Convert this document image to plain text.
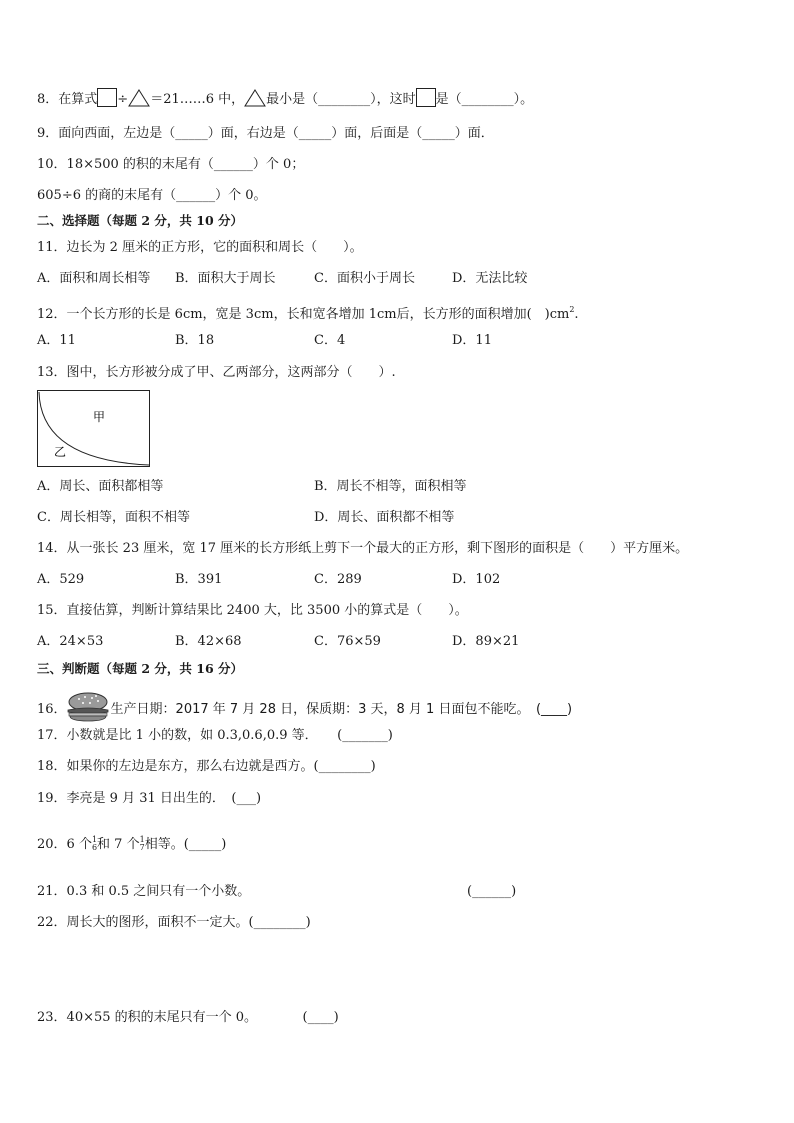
8．在算式 ÷ ＝21……6 中， 最小是（________），这时 是（________）。
9．面向西面，左边是（_____）面，右边是（_____）面，后面是（_____）面．
10．18×500 的积的末尾有（______）个 0；
605÷6 的商的末尾有（______）个 0。
二、选择题（每题 2 分，共 10 分）
11．边长为 2 厘米的正方形，它的面积和周长（　　）。
A．面积和周长相等 B．面积大于周长	C．面积小于周长	D．无法比较
12．一个长方形的长是 6cm，宽是 3cm，长和宽各增加 1cm后，长方形的面积增加(　)$cm^2$.
A．11	B．18	C．4	D．11
13．图中，长方形被分成了甲、乙两部分，这两部分（　　）.
甲
乙
A．周长、面积都相等	B．周长不相等，面积相等
C．周长相等，面积不相等	D．周长、面积都不相等
14．从一张长 23 厘米，宽 17 厘米的长方形纸上剪下一个最大的正方形，剩下图形的面积是（　　）平方厘米。
A．529	B．391	C．289	D．102
15．直接估算，判断计算结果比 2400 大，比 3500 小的算式是（　　）。
A．24×53	B．42×68	C．76×59	D．89×21
三、判断题（每题 2 分，共 16 分）
16．	生产日期：2017 年 7 月 28 日，保质期：3 天，8 月 1 日面包不能吃。　(____)
17．小数就是比 1 小的数，如 0.3,0.6,0.9 等．　　(_______)
18．如果你的左边是东方，那么右边就是西方。(________)
19．李亮是 9 月 31 日出生的．　(___)
20．6 个1
6和 7 个1
7相等。(_____)
21．0.3 和 0.5 之间只有一个小数。	(______)
22．周长大的图形，面积不一定大。(________)
23．40×55 的积的末尾只有一个 0。　　　　(____)
